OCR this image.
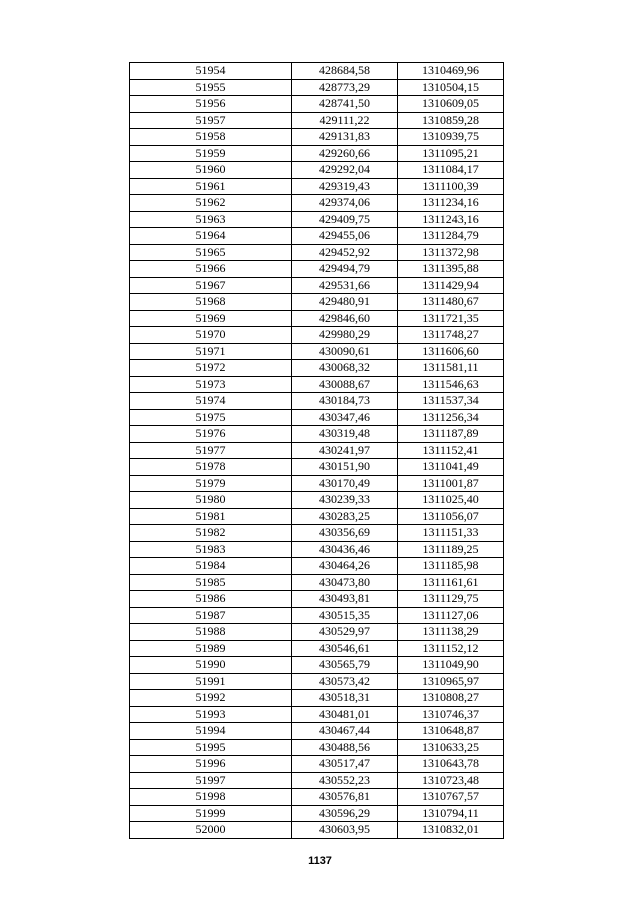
51954	428684,58	1310469,96
51955	428773,29	1310504,15
51956	428741,50	1310609,05
51957	429111,22	1310859,28
51958	429131,83	1310939,75
51959	429260,66	1311095,21
51960	429292,04	1311084,17
51961	429319,43	1311100,39
51962	429374,06	1311234,16
51963	429409,75	1311243,16
51964	429455,06	1311284,79
51965	429452,92	1311372,98
51966	429494,79	1311395,88
51967	429531,66	1311429,94
51968	429480,91	1311480,67
51969	429846,60	1311721,35
51970	429980,29	1311748,27
51971	430090,61	1311606,60
51972	430068,32	1311581,11
51973	430088,67	1311546,63
51974	430184,73	1311537,34
51975	430347,46	1311256,34
51976	430319,48	1311187,89
51977	430241,97	1311152,41
51978	430151,90	1311041,49
51979	430170,49	1311001,87
51980	430239,33	1311025,40
51981	430283,25	1311056,07
51982	430356,69	1311151,33
51983	430436,46	1311189,25
51984	430464,26	1311185,98
51985	430473,80	1311161,61
51986	430493,81	1311129,75
51987	430515,35	1311127,06
51988	430529,97	1311138,29
51989	430546,61	1311152,12
51990	430565,79	1311049,90
51991	430573,42	1310965,97
51992	430518,31	1310808,27
51993	430481,01	1310746,37
51994	430467,44	1310648,87
51995	430488,56	1310633,25
51996	430517,47	1310643,78
51997	430552,23	1310723,48
51998	430576,81	1310767,57
51999	430596,29	1310794,11
52000	430603,95	1310832,01
1137
